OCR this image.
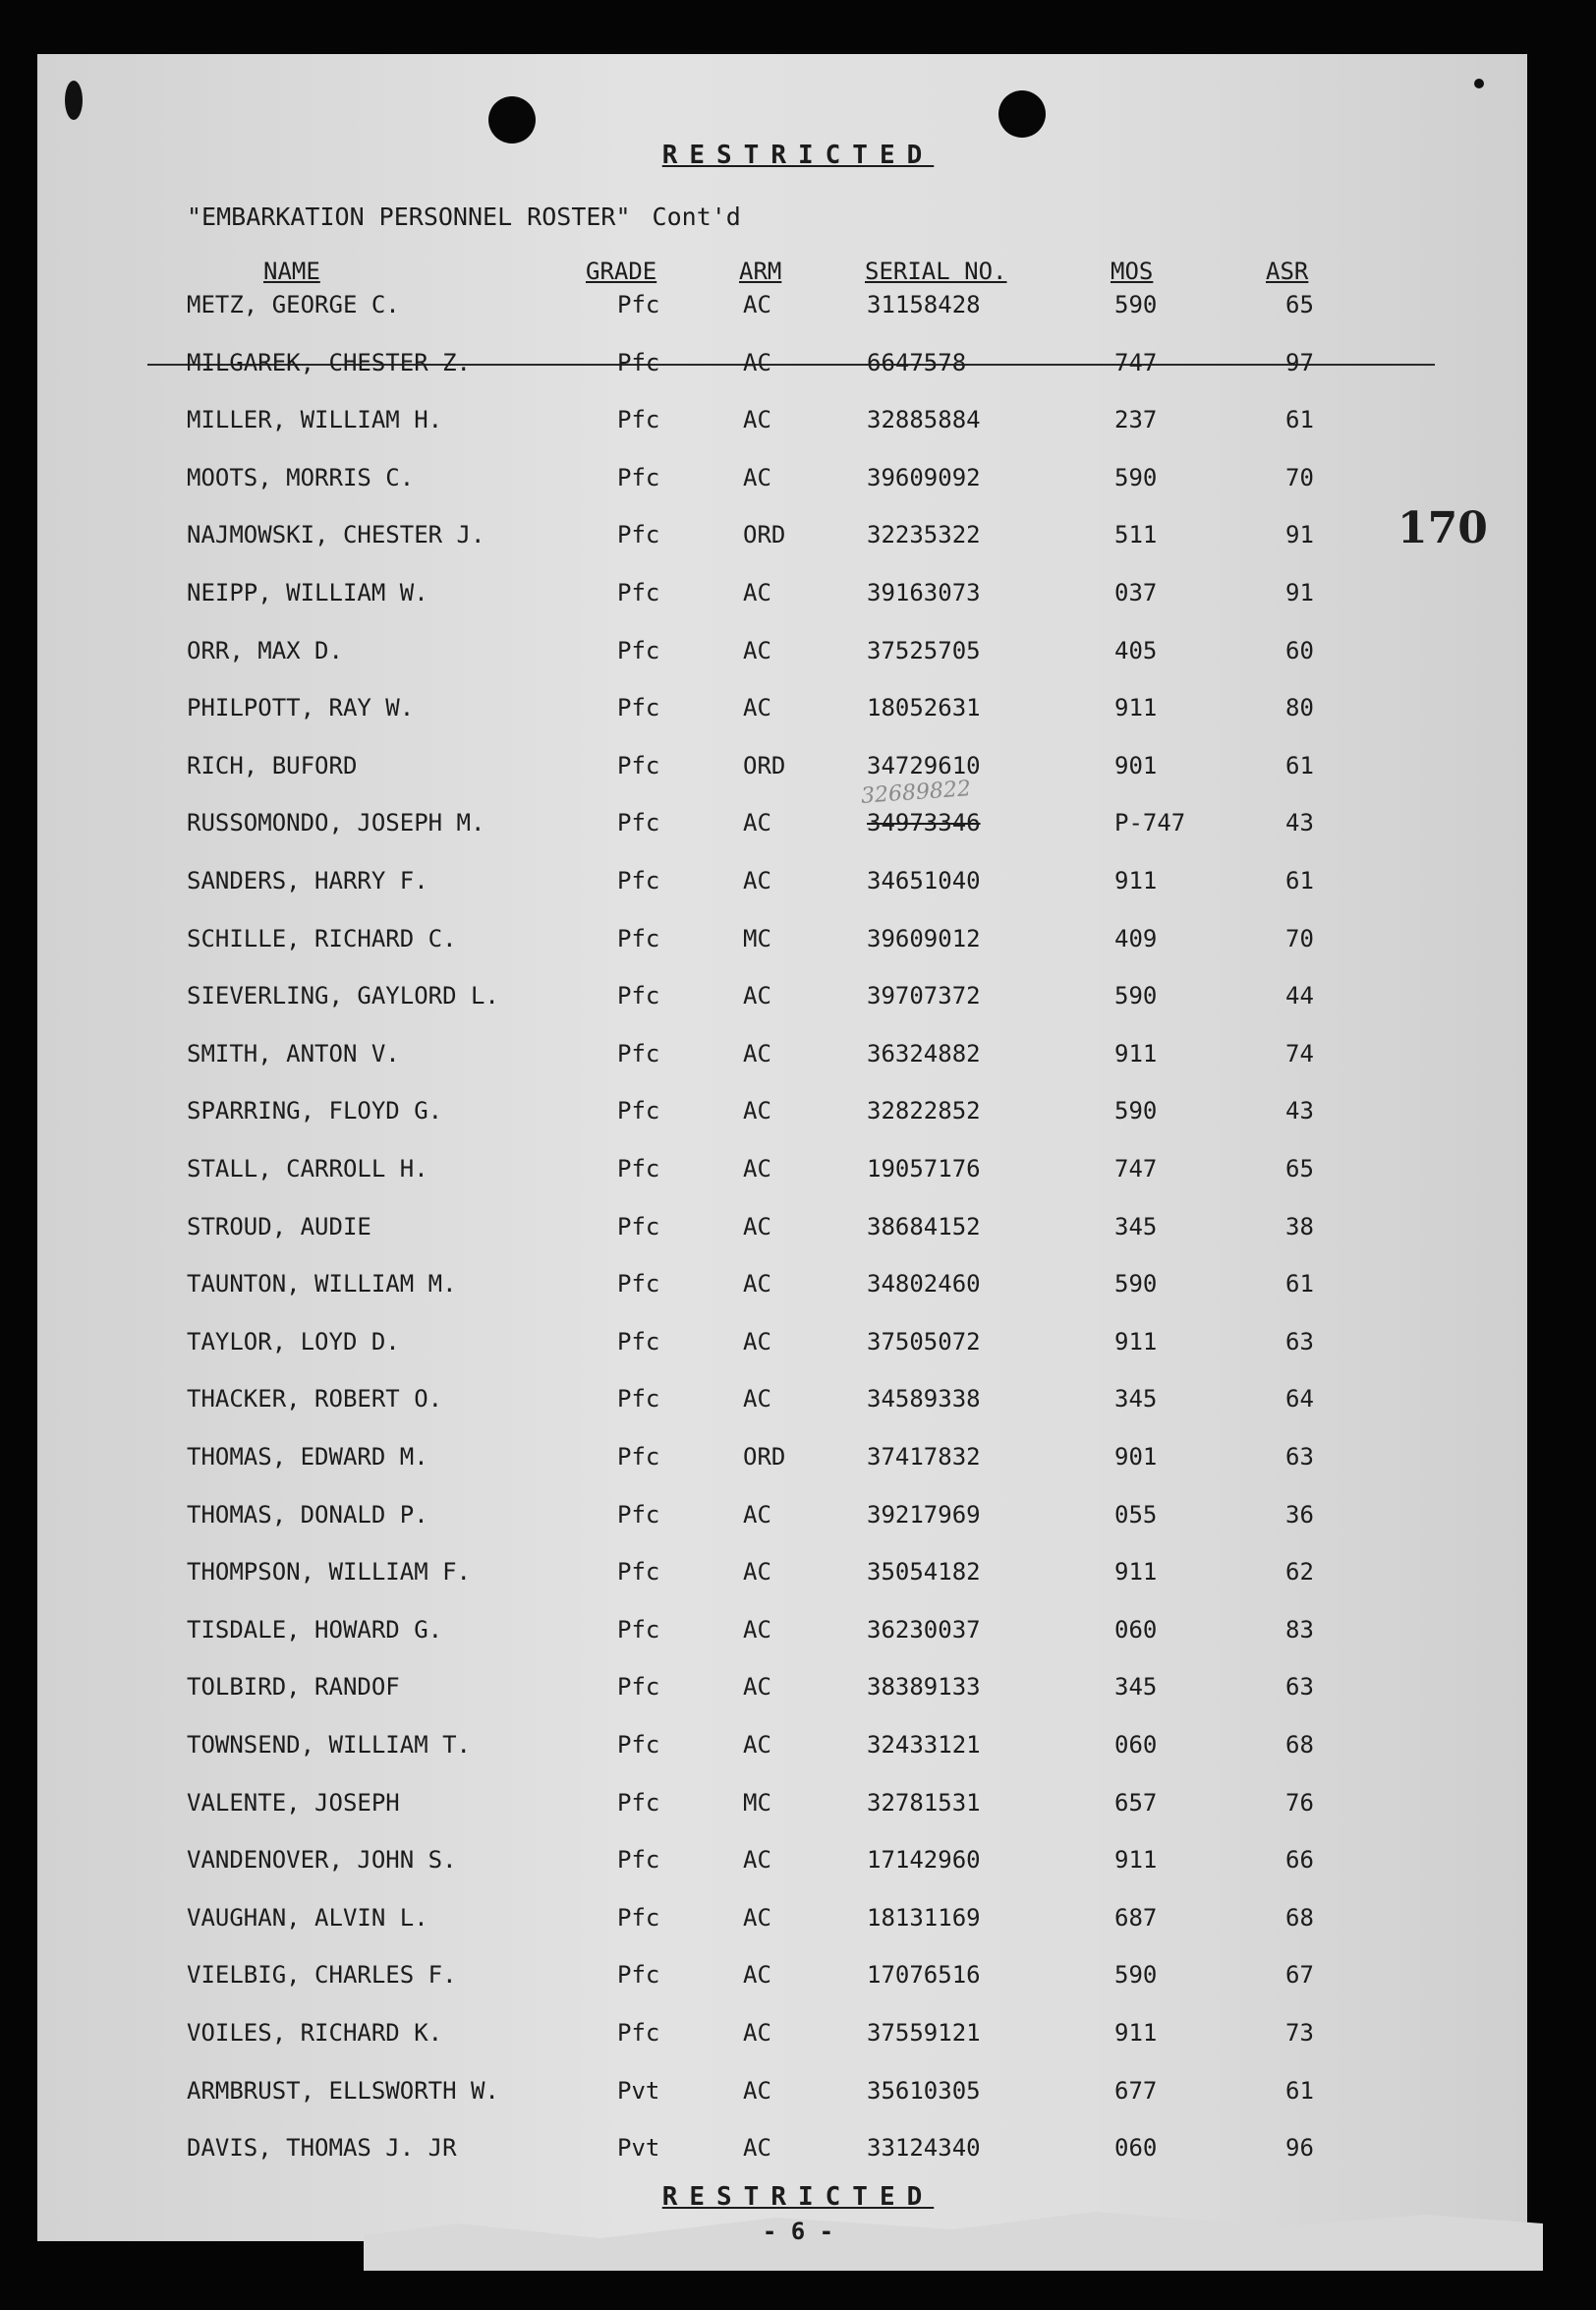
RESTRICTED
"EMBARKATION PERSONNEL ROSTER" Cont'd
170
NAME	GRADE	ARM	SERIAL NO.	MOS	ASR
METZ, GEORGE C.	Pfc	AC	31158428	590	65
MILGAREK, CHESTER Z.	Pfc	AC	6647578	747	97
MILLER, WILLIAM H.	Pfc	AC	32885884	237	61
MOOTS, MORRIS C.	Pfc	AC	39609092	590	70
NAJMOWSKI, CHESTER J.	Pfc	ORD	32235322	511	91
NEIPP, WILLIAM W.	Pfc	AC	39163073	037	91
ORR, MAX D.	Pfc	AC	37525705	405	60
PHILPOTT, RAY W.	Pfc	AC	18052631	911	80
RICH, BUFORD	Pfc	ORD	34729610	901	61
RUSSOMONDO, JOSEPH M.	Pfc	AC	34973346	P-747	43
SANDERS, HARRY F.	Pfc	AC	34651040	911	61
SCHILLE, RICHARD C.	Pfc	MC	39609012	409	70
SIEVERLING, GAYLORD L.	Pfc	AC	39707372	590	44
SMITH, ANTON V.	Pfc	AC	36324882	911	74
SPARRING, FLOYD G.	Pfc	AC	32822852	590	43
STALL, CARROLL H.	Pfc	AC	19057176	747	65
STROUD, AUDIE	Pfc	AC	38684152	345	38
TAUNTON, WILLIAM M.	Pfc	AC	34802460	590	61
TAYLOR, LOYD D.	Pfc	AC	37505072	911	63
THACKER, ROBERT O.	Pfc	AC	34589338	345	64
THOMAS, EDWARD M.	Pfc	ORD	37417832	901	63
THOMAS, DONALD P.	Pfc	AC	39217969	055	36
THOMPSON, WILLIAM F.	Pfc	AC	35054182	911	62
TISDALE, HOWARD G.	Pfc	AC	36230037	060	83
TOLBIRD, RANDOF	Pfc	AC	38389133	345	63
TOWNSEND, WILLIAM T.	Pfc	AC	32433121	060	68
VALENTE, JOSEPH	Pfc	MC	32781531	657	76
VANDENOVER, JOHN S.	Pfc	AC	17142960	911	66
VAUGHAN, ALVIN L.	Pfc	AC	18131169	687	68
VIELBIG, CHARLES F.	Pfc	AC	17076516	590	67
VOILES, RICHARD K.	Pfc	AC	37559121	911	73
ARMBRUST, ELLSWORTH W.	Pvt	AC	35610305	677	61
DAVIS, THOMAS J. JR	Pvt	AC	33124340	060	96
32689822
RESTRICTED
- 6 -
